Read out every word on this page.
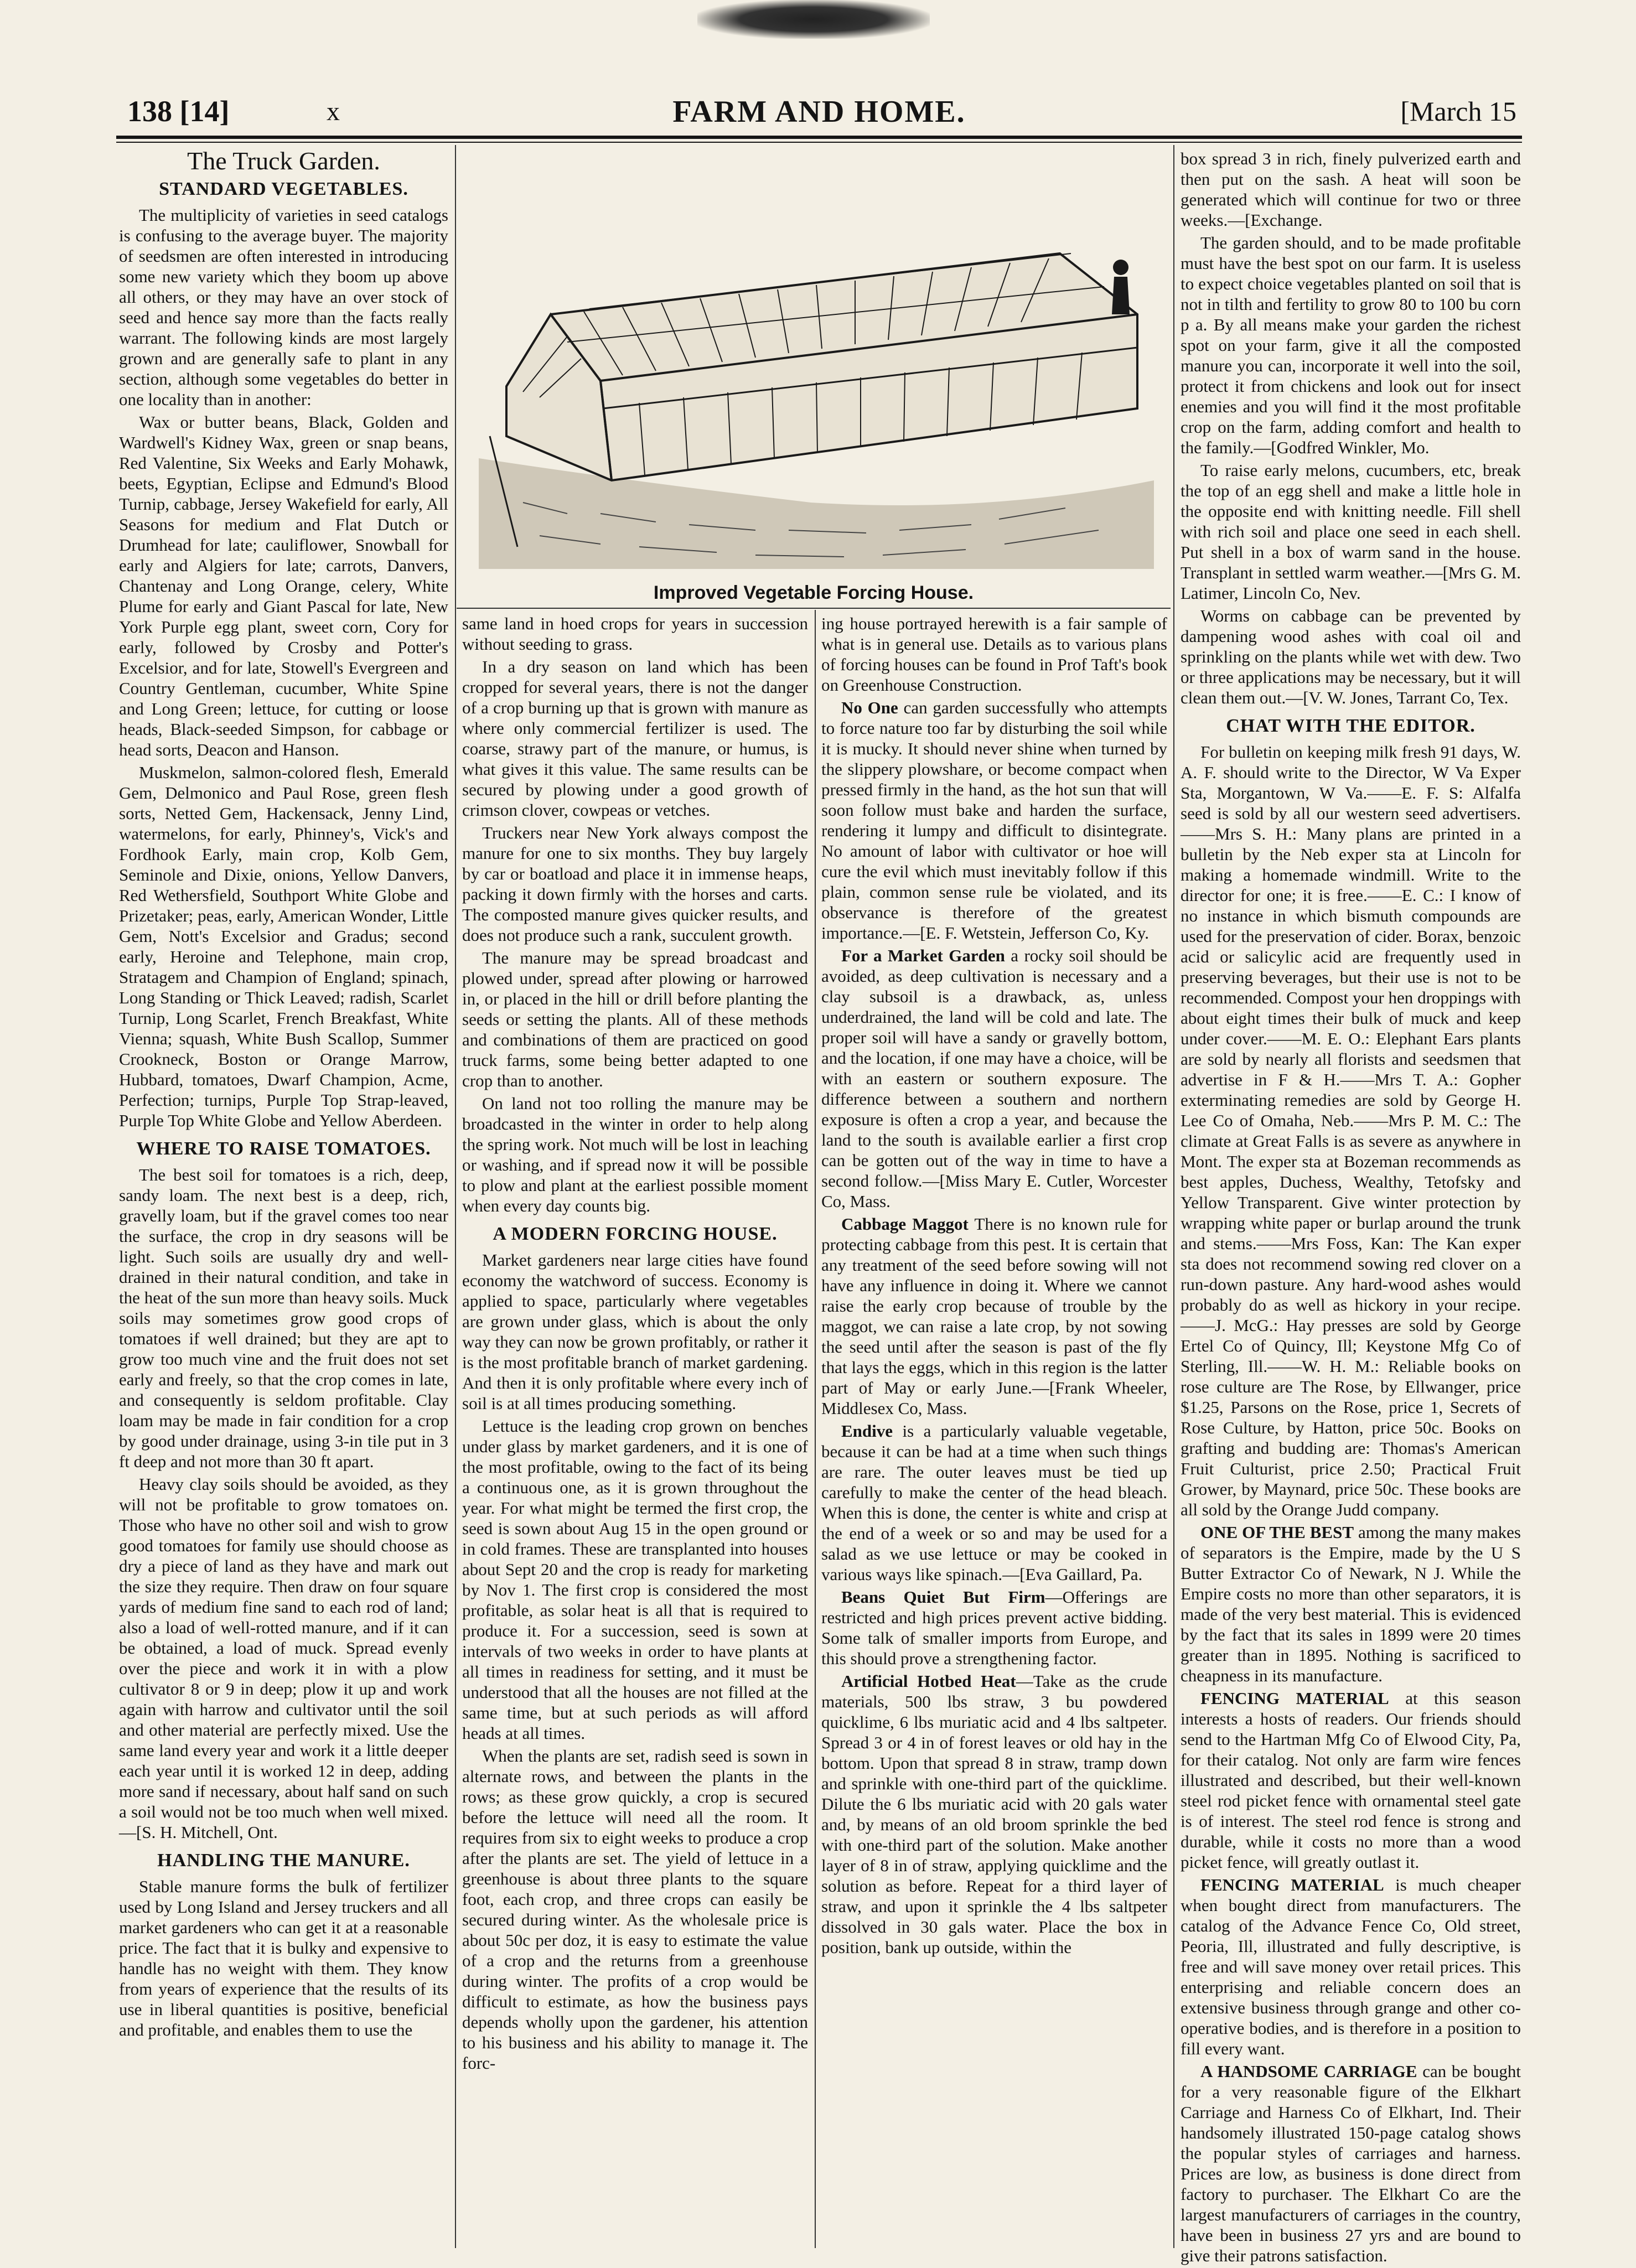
138 [14]	x	FARM AND HOME.	[March 15
The Truck Garden.
STANDARD VEGETABLES.

The multiplicity of varieties in seed catalogs is confusing to the average buyer. The majority of seedsmen are often interested in introducing some new variety which they boom up above all others, or they may have an over stock of seed and hence say more than the facts really warrant. The following kinds are most largely grown and are generally safe to plant in any section, although some vegetables do better in one locality than in another:

Wax or butter beans, Black, Golden and Wardwell's Kidney Wax, green or snap beans, Red Valentine, Six Weeks and Early Mohawk, beets, Egyptian, Eclipse and Edmund's Blood Turnip, cabbage, Jersey Wakefield for early, All Seasons for medium and Flat Dutch or Drumhead for late; cauliflower, Snowball for early and Algiers for late; carrots, Danvers, Chantenay and Long Orange, celery, White Plume for early and Giant Pascal for late, New York Purple egg plant, sweet corn, Cory for early, followed by Crosby and Potter's Excelsior, and for late, Stowell's Evergreen and Country Gentleman, cucumber, White Spine and Long Green; lettuce, for cutting or loose heads, Black-seeded Simpson, for cabbage or head sorts, Deacon and Hanson.

Muskmelon, salmon-colored flesh, Emerald Gem, Delmonico and Paul Rose, green flesh sorts, Netted Gem, Hackensack, Jenny Lind, watermelons, for early, Phinney's, Vick's and Fordhook Early, main crop, Kolb Gem, Seminole and Dixie, onions, Yellow Danvers, Red Wethersfield, Southport White Globe and Prizetaker; peas, early, American Wonder, Little Gem, Nott's Excelsior and Gradus; second early, Heroine and Telephone, main crop, Stratagem and Champion of England; spinach, Long Standing or Thick Leaved; radish, Scarlet Turnip, Long Scarlet, French Breakfast, White Vienna; squash, White Bush Scallop, Summer Crookneck, Boston or Orange Marrow, Hubbard, tomatoes, Dwarf Champion, Acme, Perfection; turnips, Purple Top Strap-leaved, Purple Top White Globe and Yellow Aberdeen.

WHERE TO RAISE TOMATOES.

The best soil for tomatoes is a rich, deep, sandy loam. The next best is a deep, rich, gravelly loam, but if the gravel comes too near the surface, the crop in dry seasons will be light. Such soils are usually dry and well-drained in their natural condition, and take in the heat of the sun more than heavy soils. Muck soils may sometimes grow good crops of tomatoes if well drained; but they are apt to grow too much vine and the fruit does not set early and freely, so that the crop comes in late, and consequently is seldom profitable. Clay loam may be made in fair condition for a crop by good under drainage, using 3-in tile put in 3 ft deep and not more than 30 ft apart.

Heavy clay soils should be avoided, as they will not be profitable to grow tomatoes on. Those who have no other soil and wish to grow good tomatoes for family use should choose as dry a piece of land as they have and mark out the size they require. Then draw on four square yards of medium fine sand to each rod of land; also a load of well-rotted manure, and if it can be obtained, a load of muck. Spread evenly over the piece and work it in with a plow cultivator 8 or 9 in deep; plow it up and work again with harrow and cultivator until the soil and other material are perfectly mixed. Use the same land every year and work it a little deeper each year until it is worked 12 in deep, adding more sand if necessary, about half sand on such a soil would not be too much when well mixed.—[S. H. Mitchell, Ont.

HANDLING THE MANURE.

Stable manure forms the bulk of fertilizer used by Long Island and Jersey truckers and all market gardeners who can get it at a reasonable price. The fact that it is bulky and expensive to handle has no weight with them. They know from years of experience that the results of its use in liberal quantities is positive, beneficial and profitable, and enables them to use the

Improved Vegetable Forcing House.

same land in hoed crops for years in succession without seeding to grass.

In a dry season on land which has been cropped for several years, there is not the danger of a crop burning up that is grown with manure as where only commercial fertilizer is used. The coarse, strawy part of the manure, or humus, is what gives it this value. The same results can be secured by plowing under a good growth of crimson clover, cowpeas or vetches.

Truckers near New York always compost the manure for one to six months. They buy largely by car or boatload and place it in immense heaps, packing it down firmly with the horses and carts. The composted manure gives quicker results, and does not produce such a rank, succulent growth.

The manure may be spread broadcast and plowed under, spread after plowing or harrowed in, or placed in the hill or drill before planting the seeds or setting the plants. All of these methods and combinations of them are practiced on good truck farms, some being better adapted to one crop than to another.

On land not too rolling the manure may be broadcasted in the winter in order to help along the spring work. Not much will be lost in leaching or washing, and if spread now it will be possible to plow and plant at the earliest possible moment when every day counts big.

A MODERN FORCING HOUSE.

Market gardeners near large cities have found economy the watchword of success. Economy is applied to space, particularly where vegetables are grown under glass, which is about the only way they can now be grown profitably, or rather it is the most profitable branch of market gardening. And then it is only profitable where every inch of soil is at all times producing something.

Lettuce is the leading crop grown on benches under glass by market gardeners, and it is one of the most profitable, owing to the fact of its being a continuous one, as it is grown throughout the year. For what might be termed the first crop, the seed is sown about Aug 15 in the open ground or in cold frames. These are transplanted into houses about Sept 20 and the crop is ready for marketing by Nov 1. The first crop is considered the most profitable, as solar heat is all that is required to produce it. For a succession, seed is sown at intervals of two weeks in order to have plants at all times in readiness for setting, and it must be understood that all the houses are not filled at the same time, but at such periods as will afford heads at all times.

When the plants are set, radish seed is sown in alternate rows, and between the plants in the rows; as these grow quickly, a crop is secured before the lettuce will need all the room. It requires from six to eight weeks to produce a crop after the plants are set. The yield of lettuce in a greenhouse is about three plants to the square foot, each crop, and three crops can easily be secured during winter. As the wholesale price is about 50c per doz, it is easy to estimate the value of a crop and the returns from a greenhouse during winter. The profits of a crop would be difficult to estimate, as how the business pays depends wholly upon the gardener, his attention to his business and his ability to manage it. The forc-

ing house portrayed herewith is a fair sample of what is in general use. Details as to various plans of forcing houses can be found in Prof Taft's book on Greenhouse Construction.

No One can garden successfully who attempts to force nature too far by disturbing the soil while it is mucky. It should never shine when turned by the slippery plowshare, or become compact when pressed firmly in the hand, as the hot sun that will soon follow must bake and harden the surface, rendering it lumpy and difficult to disintegrate. No amount of labor with cultivator or hoe will cure the evil which must inevitably follow if this plain, common sense rule be violated, and its observance is therefore of the greatest importance.—[E. F. Wetstein, Jefferson Co, Ky.

For a Market Garden a rocky soil should be avoided, as deep cultivation is necessary and a clay subsoil is a drawback, as, unless underdrained, the land will be cold and late. The proper soil will have a sandy or gravelly bottom, and the location, if one may have a choice, will be with an eastern or southern exposure. The difference between a southern and northern exposure is often a crop a year, and because the land to the south is available earlier a first crop can be gotten out of the way in time to have a second follow.—[Miss Mary E. Cutler, Worcester Co, Mass.

Cabbage Maggot There is no known rule for protecting cabbage from this pest. It is certain that any treatment of the seed before sowing will not have any influence in doing it. Where we cannot raise the early crop because of trouble by the maggot, we can raise a late crop, by not sowing the seed until after the season is past of the fly that lays the eggs, which in this region is the latter part of May or early June.—[Frank Wheeler, Middlesex Co, Mass.

Endive is a particularly valuable vegetable, because it can be had at a time when such things are rare. The outer leaves must be tied up carefully to make the center of the head bleach. When this is done, the center is white and crisp at the end of a week or so and may be used for a salad as we use lettuce or may be cooked in various ways like spinach.—[Eva Gaillard, Pa.

Beans Quiet But Firm—Offerings are restricted and high prices prevent active bidding. Some talk of smaller imports from Europe, and this should prove a strengthening factor.

Artificial Hotbed Heat—Take as the crude materials, 500 lbs straw, 3 bu powdered quicklime, 6 lbs muriatic acid and 4 lbs saltpeter. Spread 3 or 4 in of forest leaves or old hay in the bottom. Upon that spread 8 in straw, tramp down and sprinkle with one-third part of the quicklime. Dilute the 6 lbs muriatic acid with 20 gals water and, by means of an old broom sprinkle the bed with one-third part of the solution. Make another layer of 8 in of straw, applying quicklime and the solution as before. Repeat for a third layer of straw, and upon it sprinkle the 4 lbs saltpeter dissolved in 30 gals water. Place the box in position, bank up outside, within the

box spread 3 in rich, finely pulverized earth and then put on the sash. A heat will soon be generated which will continue for two or three weeks.—[Exchange.

The garden should, and to be made profitable must have the best spot on our farm. It is useless to expect choice vegetables planted on soil that is not in tilth and fertility to grow 80 to 100 bu corn p a. By all means make your garden the richest spot on your farm, give it all the composted manure you can, incorporate it well into the soil, protect it from chickens and look out for insect enemies and you will find it the most profitable crop on the farm, adding comfort and health to the family.—[Godfred Winkler, Mo.

To raise early melons, cucumbers, etc, break the top of an egg shell and make a little hole in the opposite end with knitting needle. Fill shell with rich soil and place one seed in each shell. Put shell in a box of warm sand in the house. Transplant in settled warm weather.—[Mrs G. M. Latimer, Lincoln Co, Nev.

Worms on cabbage can be prevented by dampening wood ashes with coal oil and sprinkling on the plants while wet with dew. Two or three applications may be necessary, but it will clean them out.—[V. W. Jones, Tarrant Co, Tex.

CHAT WITH THE EDITOR.

For bulletin on keeping milk fresh 91 days, W. A. F. should write to the Director, W Va Exper Sta, Morgantown, W Va.——E. F. S: Alfalfa seed is sold by all our western seed advertisers.——Mrs S. H.: Many plans are printed in a bulletin by the Neb exper sta at Lincoln for making a homemade windmill. Write to the director for one; it is free.——E. C.: I know of no instance in which bismuth compounds are used for the preservation of cider. Borax, benzoic acid or salicylic acid are frequently used in preserving beverages, but their use is not to be recommended. Compost your hen droppings with about eight times their bulk of muck and keep under cover.——M. E. O.: Elephant Ears plants are sold by nearly all florists and seedsmen that advertise in F & H.——Mrs T. A.: Gopher exterminating remedies are sold by George H. Lee Co of Omaha, Neb.——Mrs P. M. C.: The climate at Great Falls is as severe as anywhere in Mont. The exper sta at Bozeman recommends as best apples, Duchess, Wealthy, Tetofsky and Yellow Transparent. Give winter protection by wrapping white paper or burlap around the trunk and stems.——Mrs Foss, Kan: The Kan exper sta does not recommend sowing red clover on a run-down pasture. Any hard-wood ashes would probably do as well as hickory in your recipe.——J. McG.: Hay presses are sold by George Ertel Co of Quincy, Ill; Keystone Mfg Co of Sterling, Ill.——W. H. M.: Reliable books on rose culture are The Rose, by Ellwanger, price $1.25, Parsons on the Rose, price 1, Secrets of Rose Culture, by Hatton, price 50c. Books on grafting and budding are: Thomas's American Fruit Culturist, price 2.50; Practical Fruit Grower, by Maynard, price 50c. These books are all sold by the Orange Judd company.

ONE OF THE BEST among the many makes of separators is the Empire, made by the U S Butter Extractor Co of Newark, N J. While the Empire costs no more than other separators, it is made of the very best material. This is evidenced by the fact that its sales in 1899 were 20 times greater than in 1895. Nothing is sacrificed to cheapness in its manufacture.

FENCING MATERIAL at this season interests a hosts of readers. Our friends should send to the Hartman Mfg Co of Elwood City, Pa, for their catalog. Not only are farm wire fences illustrated and described, but their well-known steel rod picket fence with ornamental steel gate is of interest. The steel rod fence is strong and durable, while it costs no more than a wood picket fence, will greatly outlast it.

FENCING MATERIAL is much cheaper when bought direct from manufacturers. The catalog of the Advance Fence Co, Old street, Peoria, Ill, illustrated and fully descriptive, is free and will save money over retail prices. This enterprising and reliable concern does an extensive business through grange and other co-operative bodies, and is therefore in a position to fill every want.

A HANDSOME CARRIAGE can be bought for a very reasonable figure of the Elkhart Carriage and Harness Co of Elkhart, Ind. Their handsomely illustrated 150-page catalog shows the popular styles of carriages and harness. Prices are low, as business is done direct from factory to purchaser. The Elkhart Co are the largest manufacturers of carriages in the country, have been in business 27 yrs and are bound to give their patrons satisfaction.
